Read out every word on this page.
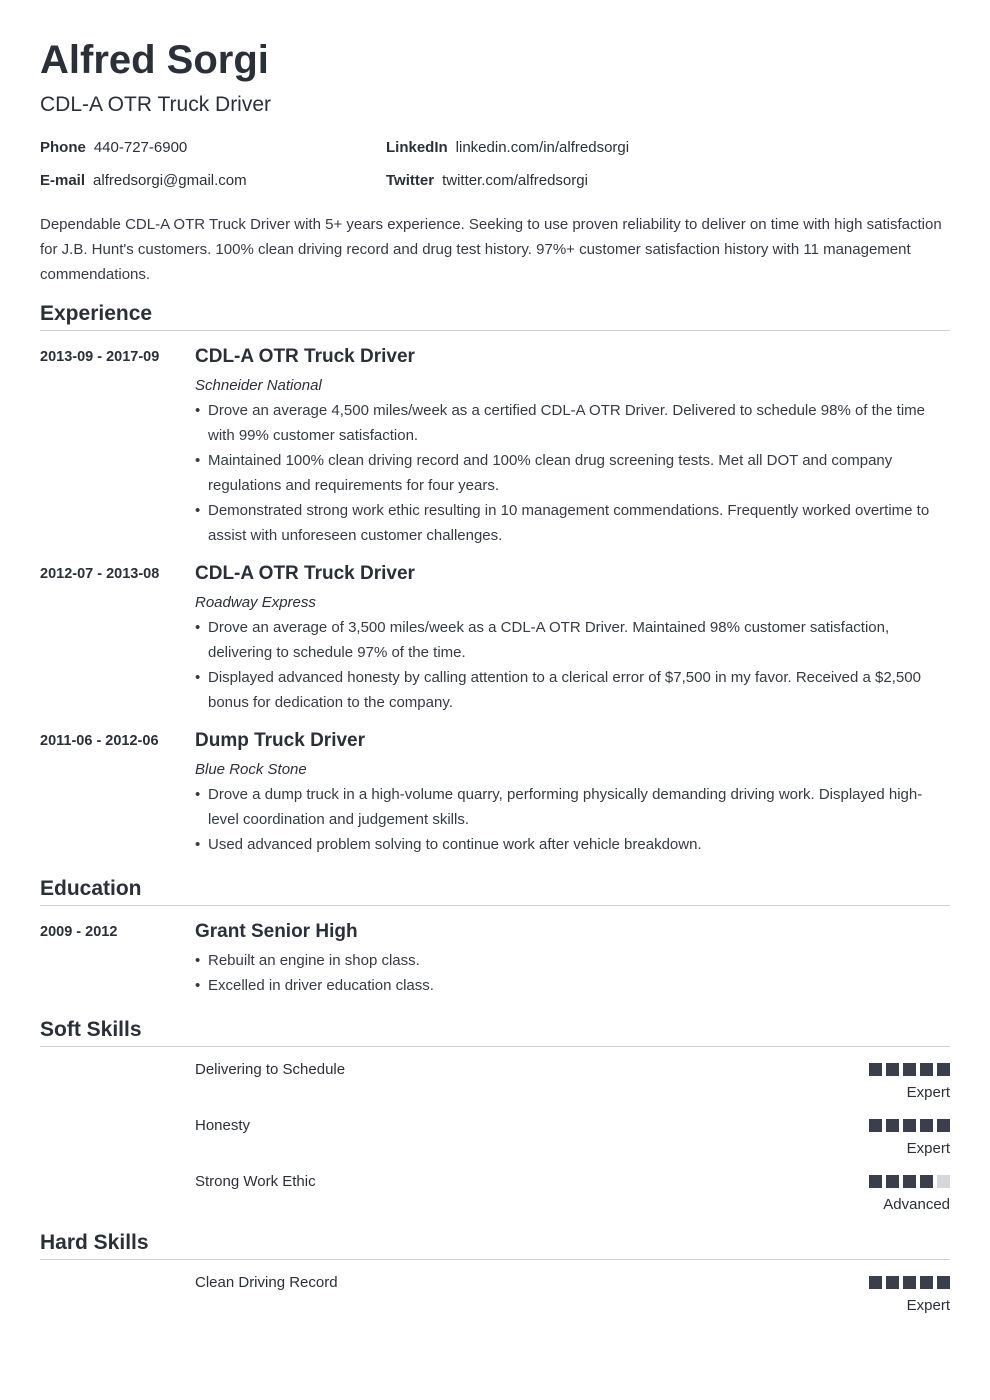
Alfred Sorgi
CDL-A OTR Truck Driver
Phone 440-727-6900	LinkedIn linkedin.com/in/alfredsorgi
E-mail alfredsorgi@gmail.com	Twitter twitter.com/alfredsorgi

Dependable CDL-A OTR Truck Driver with 5+ years experience. Seeking to use proven reliability to deliver on time with high satisfaction for J.B. Hunt's customers. 100% clean driving record and drug test history. 97%+ customer satisfaction history with 11 management commendations.

Experience
2013-09 - 2017-09	CDL-A OTR Truck Driver
Schneider National
• Drove an average 4,500 miles/week as a certified CDL-A OTR Driver. Delivered to schedule 98% of the time with 99% customer satisfaction.
• Maintained 100% clean driving record and 100% clean drug screening tests. Met all DOT and company regulations and requirements for four years.
• Demonstrated strong work ethic resulting in 10 management commendations. Frequently worked overtime to assist with unforeseen customer challenges.
2012-07 - 2013-08	CDL-A OTR Truck Driver
Roadway Express
• Drove an average of 3,500 miles/week as a CDL-A OTR Driver. Maintained 98% customer satisfaction, delivering to schedule 97% of the time.
• Displayed advanced honesty by calling attention to a clerical error of $7,500 in my favor. Received a $2,500 bonus for dedication to the company.
2011-06 - 2012-06	Dump Truck Driver
Blue Rock Stone
• Drove a dump truck in a high-volume quarry, performing physically demanding driving work. Displayed high-level coordination and judgement skills.
• Used advanced problem solving to continue work after vehicle breakdown.
Education
2009 - 2012	Grant Senior High
• Rebuilt an engine in shop class.
• Excelled in driver education class.
Soft Skills
Delivering to Schedule
Expert
Honesty
Expert
Strong Work Ethic
Advanced
Hard Skills
Clean Driving Record
Expert
